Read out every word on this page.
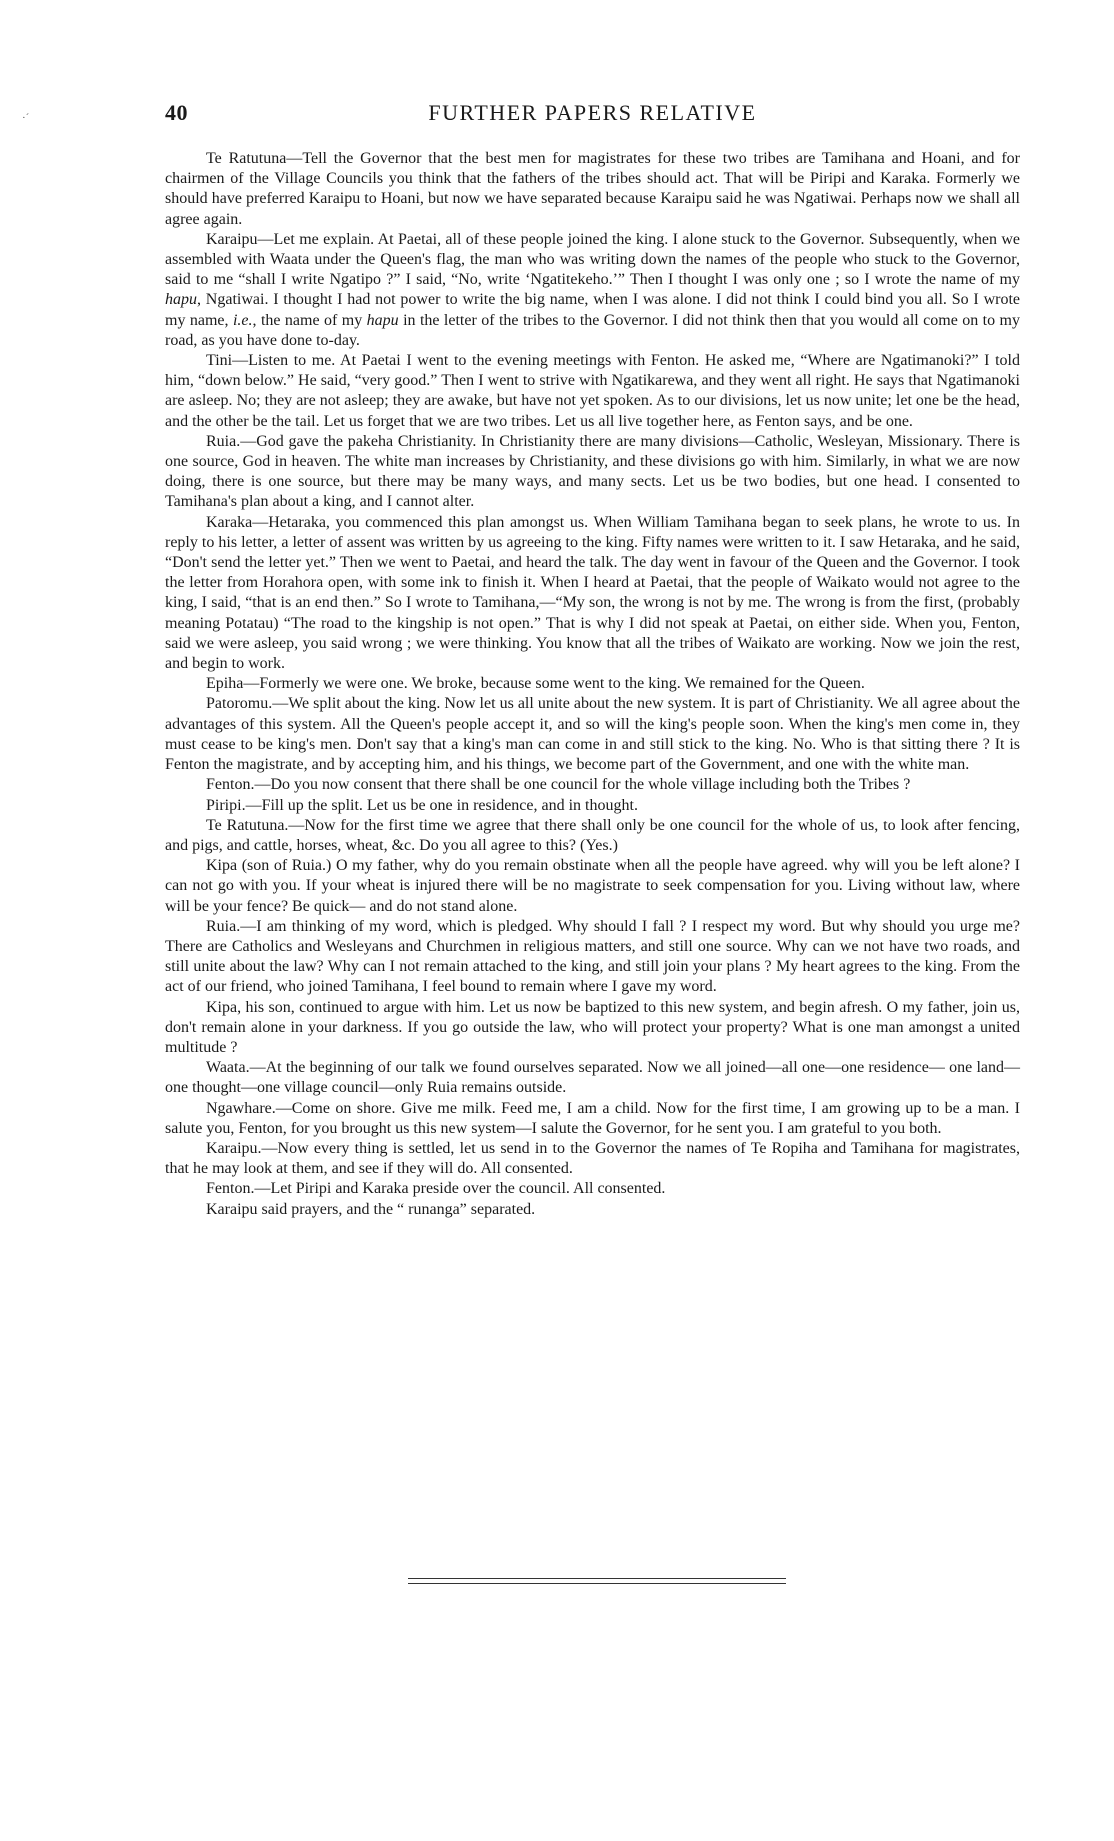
·ˊ	40	FURTHER PAPERS RELATIVE

Te Ratutuna—Tell the Governor that the best men for magistrates for these two tribes are Tamihana and Hoani, and for chairmen of the Village Councils you think that the fathers of the tribes should act. That will be Piripi and Karaka. Formerly we should have preferred Karaipu to Hoani, but now we have separated because Karaipu said he was Ngatiwai. Perhaps now we shall all agree again.

Karaipu—Let me explain. At Paetai, all of these people joined the king. I alone stuck to the Governor. Subsequently, when we assembled with Waata under the Queen's flag, the man who was writing down the names of the people who stuck to the Governor, said to me “shall I write Ngatipo ?” I said, “No, write ‘Ngatitekeho.’” Then I thought I was only one ; so I wrote the name of my hapu, Ngatiwai. I thought I had not power to write the big name, when I was alone. I did not think I could bind you all. So I wrote my name, i.e., the name of my hapu in the letter of the tribes to the Governor. I did not think then that you would all come on to my road, as you have done to-day.

Tini—Listen to me. At Paetai I went to the evening meetings with Fenton. He asked me, “Where are Ngatimanoki?” I told him, “down below.” He said, “very good.” Then I went to strive with Ngatikarewa, and they went all right. He says that Ngatimanoki are asleep. No; they are not asleep; they are awake, but have not yet spoken. As to our divisions, let us now unite; let one be the head, and the other be the tail. Let us forget that we are two tribes. Let us all live together here, as Fenton says, and be one.

Ruia.—God gave the pakeha Christianity. In Christianity there are many divisions—Catholic, Wesleyan, Missionary. There is one source, God in heaven. The white man increases by Christianity, and these divisions go with him. Similarly, in what we are now doing, there is one source, but there may be many ways, and many sects. Let us be two bodies, but one head. I consented to Tamihana's plan about a king, and I cannot alter.

Karaka—Hetaraka, you commenced this plan amongst us. When William Tamihana began to seek plans, he wrote to us. In reply to his letter, a letter of assent was written by us agreeing to the king. Fifty names were written to it. I saw Hetaraka, and he said, “Don't send the letter yet.” Then we went to Paetai, and heard the talk. The day went in favour of the Queen and the Governor. I took the letter from Horahora open, with some ink to finish it. When I heard at Paetai, that the people of Waikato would not agree to the king, I said, “that is an end then.” So I wrote to Tamihana,—“My son, the wrong is not by me. The wrong is from the first, (probably meaning Potatau) “The road to the kingship is not open.” That is why I did not speak at Paetai, on either side. When you, Fenton, said we were asleep, you said wrong ; we were thinking. You know that all the tribes of Waikato are working. Now we join the rest, and begin to work.

Epiha—Formerly we were one. We broke, because some went to the king. We remained for the Queen.

Patoromu.—We split about the king. Now let us all unite about the new system. It is part of Christianity. We all agree about the advantages of this system. All the Queen's people accept it, and so will the king's people soon. When the king's men come in, they must cease to be king's men. Don't say that a king's man can come in and still stick to the king. No. Who is that sitting there ? It is Fenton the magistrate, and by accepting him, and his things, we become part of the Government, and one with the white man.

Fenton.—Do you now consent that there shall be one council for the whole village including both the Tribes ?

Piripi.—Fill up the split. Let us be one in residence, and in thought.

Te Ratutuna.—Now for the first time we agree that there shall only be one council for the whole of us, to look after fencing, and pigs, and cattle, horses, wheat, &c. Do you all agree to this? (Yes.)

Kipa (son of Ruia.) O my father, why do you remain obstinate when all the people have agreed. why will you be left alone? I can not go with you. If your wheat is injured there will be no magistrate to seek compensation for you. Living without law, where will be your fence? Be quick— and do not stand alone.

Ruia.—I am thinking of my word, which is pledged. Why should I fall ? I respect my word. But why should you urge me? There are Catholics and Wesleyans and Churchmen in religious matters, and still one source. Why can we not have two roads, and still unite about the law? Why can I not remain attached to the king, and still join your plans ? My heart agrees to the king. From the act of our friend, who joined Tamihana, I feel bound to remain where I gave my word.

Kipa, his son, continued to argue with him. Let us now be baptized to this new system, and begin afresh. O my father, join us, don't remain alone in your darkness. If you go outside the law, who will protect your property? What is one man amongst a united multitude ?

Waata.—At the beginning of our talk we found ourselves separated. Now we all joined—all one—one residence— one land—one thought—one village council—only Ruia remains outside.

Ngawhare.—Come on shore. Give me milk. Feed me, I am a child. Now for the first time, I am growing up to be a man. I salute you, Fenton, for you brought us this new system—I salute the Governor, for he sent you. I am grateful to you both.

Karaipu.—Now every thing is settled, let us send in to the Governor the names of Te Ropiha and Tamihana for magistrates, that he may look at them, and see if they will do. All consented.

Fenton.—Let Piripi and Karaka preside over the council. All consented.

Karaipu said prayers, and the “ runanga” separated.
